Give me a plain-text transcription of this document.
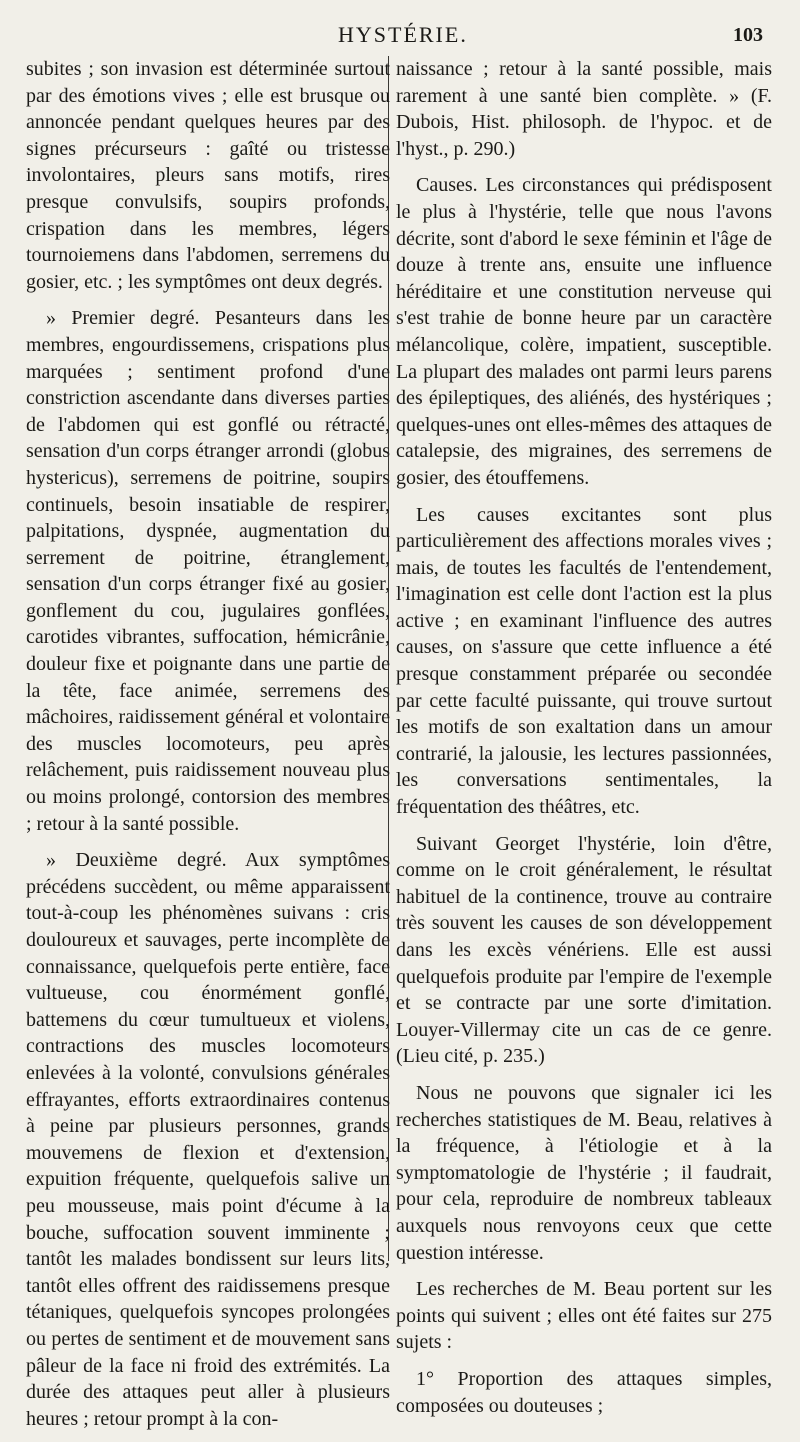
HYSTÉRIE.	103

subites ; son invasion est déterminée surtout par des émotions vives ; elle est brusque ou annoncée pendant quelques heures par des signes précurseurs : gaîté ou tristesse involontaires, pleurs sans motifs, rires presque convulsifs, soupirs profonds, crispation dans les membres, légers tournoiemens dans l'abdomen, serremens du gosier, etc. ; les symptômes ont deux degrés.

» Premier degré. Pesanteurs dans les membres, engourdissemens, crispations plus marquées ; sentiment profond d'une constriction ascendante dans diverses parties de l'abdomen qui est gonflé ou rétracté, sensation d'un corps étranger arrondi (globus hystericus), serremens de poitrine, soupirs continuels, besoin insatiable de respirer, palpitations, dyspnée, augmentation du serrement de poitrine, étranglement, sensation d'un corps étranger fixé au gosier, gonflement du cou, jugulaires gonflées, carotides vibrantes, suffocation, hémicrânie, douleur fixe et poignante dans une partie de la tête, face animée, serremens des mâchoires, raidissement général et volontaire des muscles locomoteurs, peu après relâchement, puis raidissement nouveau plus ou moins prolongé, contorsion des membres ; retour à la santé possible.

» Deuxième degré. Aux symptômes précédens succèdent, ou même apparaissent tout-à-coup les phénomènes suivans : cris douloureux et sauvages, perte incomplète de connaissance, quelquefois perte entière, face vultueuse, cou énormément gonflé, battemens du cœur tumultueux et violens, contractions des muscles locomoteurs enlevées à la volonté, convulsions générales effrayantes, efforts extraordinaires contenus à peine par plusieurs personnes, grands mouvemens de flexion et d'extension, expuition fréquente, quelquefois salive un peu mousseuse, mais point d'écume à la bouche, suffocation souvent imminente ; tantôt les malades bondissent sur leurs lits, tantôt elles offrent des raidissemens presque tétaniques, quelquefois syncopes prolongées ou pertes de sentiment et de mouvement sans pâleur de la face ni froid des extrémités. La durée des attaques peut aller à plusieurs heures ; retour prompt à la con-

naissance ; retour à la santé possible, mais rarement à une santé bien complète. » (F. Dubois, Hist. philosoph. de l'hypoc. et de l'hyst., p. 290.)

Causes. Les circonstances qui prédisposent le plus à l'hystérie, telle que nous l'avons décrite, sont d'abord le sexe féminin et l'âge de douze à trente ans, ensuite une influence héréditaire et une constitution nerveuse qui s'est trahie de bonne heure par un caractère mélancolique, colère, impatient, susceptible. La plupart des malades ont parmi leurs parens des épileptiques, des aliénés, des hystériques ; quelques-unes ont elles-mêmes des attaques de catalepsie, des migraines, des serremens de gosier, des étouffemens.

Les causes excitantes sont plus particulièrement des affections morales vives ; mais, de toutes les facultés de l'entendement, l'imagination est celle dont l'action est la plus active ; en examinant l'influence des autres causes, on s'assure que cette influence a été presque constamment préparée ou secondée par cette faculté puissante, qui trouve surtout les motifs de son exaltation dans un amour contrarié, la jalousie, les lectures passionnées, les conversations sentimentales, la fréquentation des théâtres, etc.

Suivant Georget l'hystérie, loin d'être, comme on le croit généralement, le résultat habituel de la continence, trouve au contraire très souvent les causes de son développement dans les excès vénériens. Elle est aussi quelquefois produite par l'empire de l'exemple et se contracte par une sorte d'imitation. Louyer-Villermay cite un cas de ce genre. (Lieu cité, p. 235.)

Nous ne pouvons que signaler ici les recherches statistiques de M. Beau, relatives à la fréquence, à l'étiologie et à la symptomatologie de l'hystérie ; il faudrait, pour cela, reproduire de nombreux tableaux auxquels nous renvoyons ceux que cette question intéresse.

Les recherches de M. Beau portent sur les points qui suivent ; elles ont été faites sur 275 sujets :

1° Proportion des attaques simples, composées ou douteuses ;
